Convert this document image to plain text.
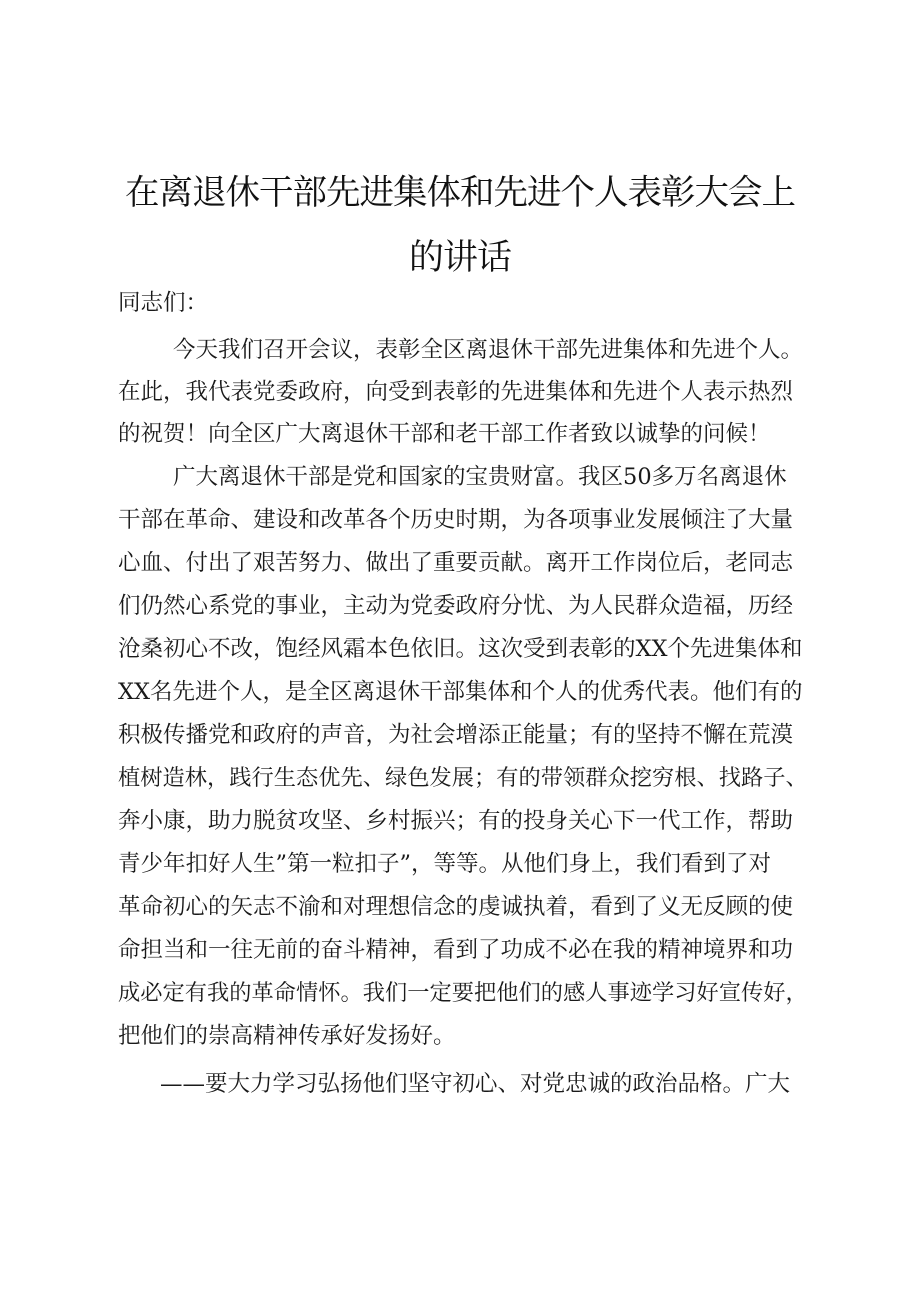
在离退休干部先进集体和先进个人表彰大会上
的讲话

同志们：

今天我们召开会议，表彰全区离退休干部先进集体和先进个人。

在此，我代表党委政府，向受到表彰的先进集体和先进个人表示热烈

的祝贺！向全区广大离退休干部和老干部工作者致以诚挚的问候！

广大离退休干部是党和国家的宝贵财富。我区50多万名离退休

干部在革命、建设和改革各个历史时期，为各项事业发展倾注了大量

心血、付出了艰苦努力、做出了重要贡献。离开工作岗位后，老同志

们仍然心系党的事业，主动为党委政府分忧、为人民群众造福，历经

沧桑初心不改，饱经风霜本色依旧。这次受到表彰的XX个先进集体和

XX名先进个人，是全区离退休干部集体和个人的优秀代表。他们有的

积极传播党和政府的声音，为社会增添正能量；有的坚持不懈在荒漠

植树造林，践行生态优先、绿色发展；有的带领群众挖穷根、找路子、

奔小康，助力脱贫攻坚、乡村振兴；有的投身关心下一代工作，帮助

青少年扣好人生”第一粒扣子”，等等。从他们身上，我们看到了对

革命初心的矢志不渝和对理想信念的虔诚执着，看到了义无反顾的使

命担当和一往无前的奋斗精神，看到了功成不必在我的精神境界和功

成必定有我的革命情怀。我们一定要把他们的感人事迹学习好宣传好，

把他们的崇高精神传承好发扬好。

——要大力学习弘扬他们坚守初心、对党忠诚的政治品格。广大
